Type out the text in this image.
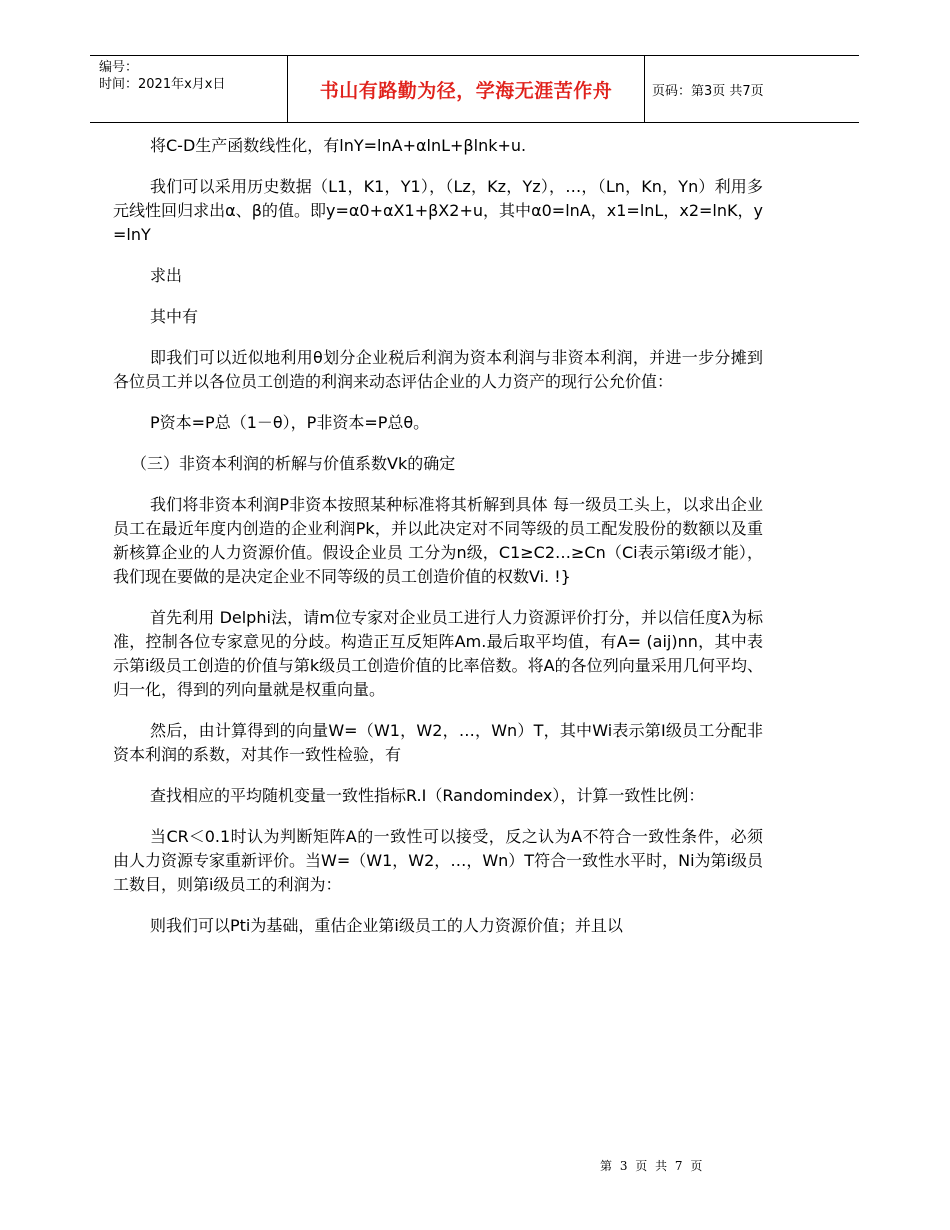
编号：
时间：2021年x月x日	书山有路勤为径，学海无涯苦作舟	页码：第3页 共7页

将C-D生产函数线性化，有lnY=lnA+αlnL+βlnk+u.

我们可以采用历史数据（L1，K1，Y1），（Lz，Kz，Yz），…，（Ln，Kn，Yn）利用多元线性回归求出α、β的值。即y=α0+αX1+βX2+u，其中α0=lnA，x1=lnL，x2=lnK，y=lnY

求出

其中有

即我们可以近似地利用θ划分企业税后利润为资本利润与非资本利润，并进一步分摊到各位员工并以各位员工创造的利润来动态评估企业的人力资产的现行公允价值：

P资本=P总（1－θ），P非资本=P总θ。

（三）非资本利润的析解与价值系数Vk的确定

我们将非资本利润P非资本按照某种标准将其析解到具体 每一级员工头上，以求出企业员工在最近年度内创造的企业利润Pk，并以此决定对不同等级的员工配发股份的数额以及重新核算企业的人力资源价值。假设企业员 工分为n级，C1≥C2…≥Cn（Ci表示第i级才能），我们现在要做的是决定企业不同等级的员工创造价值的权数Vi. !}

首先利用 Delphi法，请m位专家对企业员工进行人力资源评价打分，并以信任度λ为标准，控制各位专家意见的分歧。构造正互反矩阵Am.最后取平均值，有A= (aij)nn，其中表示第i级员工创造的价值与第k级员工创造价值的比率倍数。将A的各位列向量采用几何平均、归一化，得到的列向量就是权重向量。

然后，由计算得到的向量W=（W1，W2，…，Wn）T，其中Wi表示第I级员工分配非资本利润的系数，对其作一致性检验，有

查找相应的平均随机变量一致性指标R.I（Randomindex），计算一致性比例：

当CR＜0.1时认为判断矩阵A的一致性可以接受，反之认为A不符合一致性条件，必须由人力资源专家重新评价。当W=（W1，W2，…，Wn）T符合一致性水平时，Ni为第i级员工数目，则第i级员工的利润为：

则我们可以Pti为基础，重估企业第i级员工的人力资源价值；并且以

第 3 页 共 7 页
